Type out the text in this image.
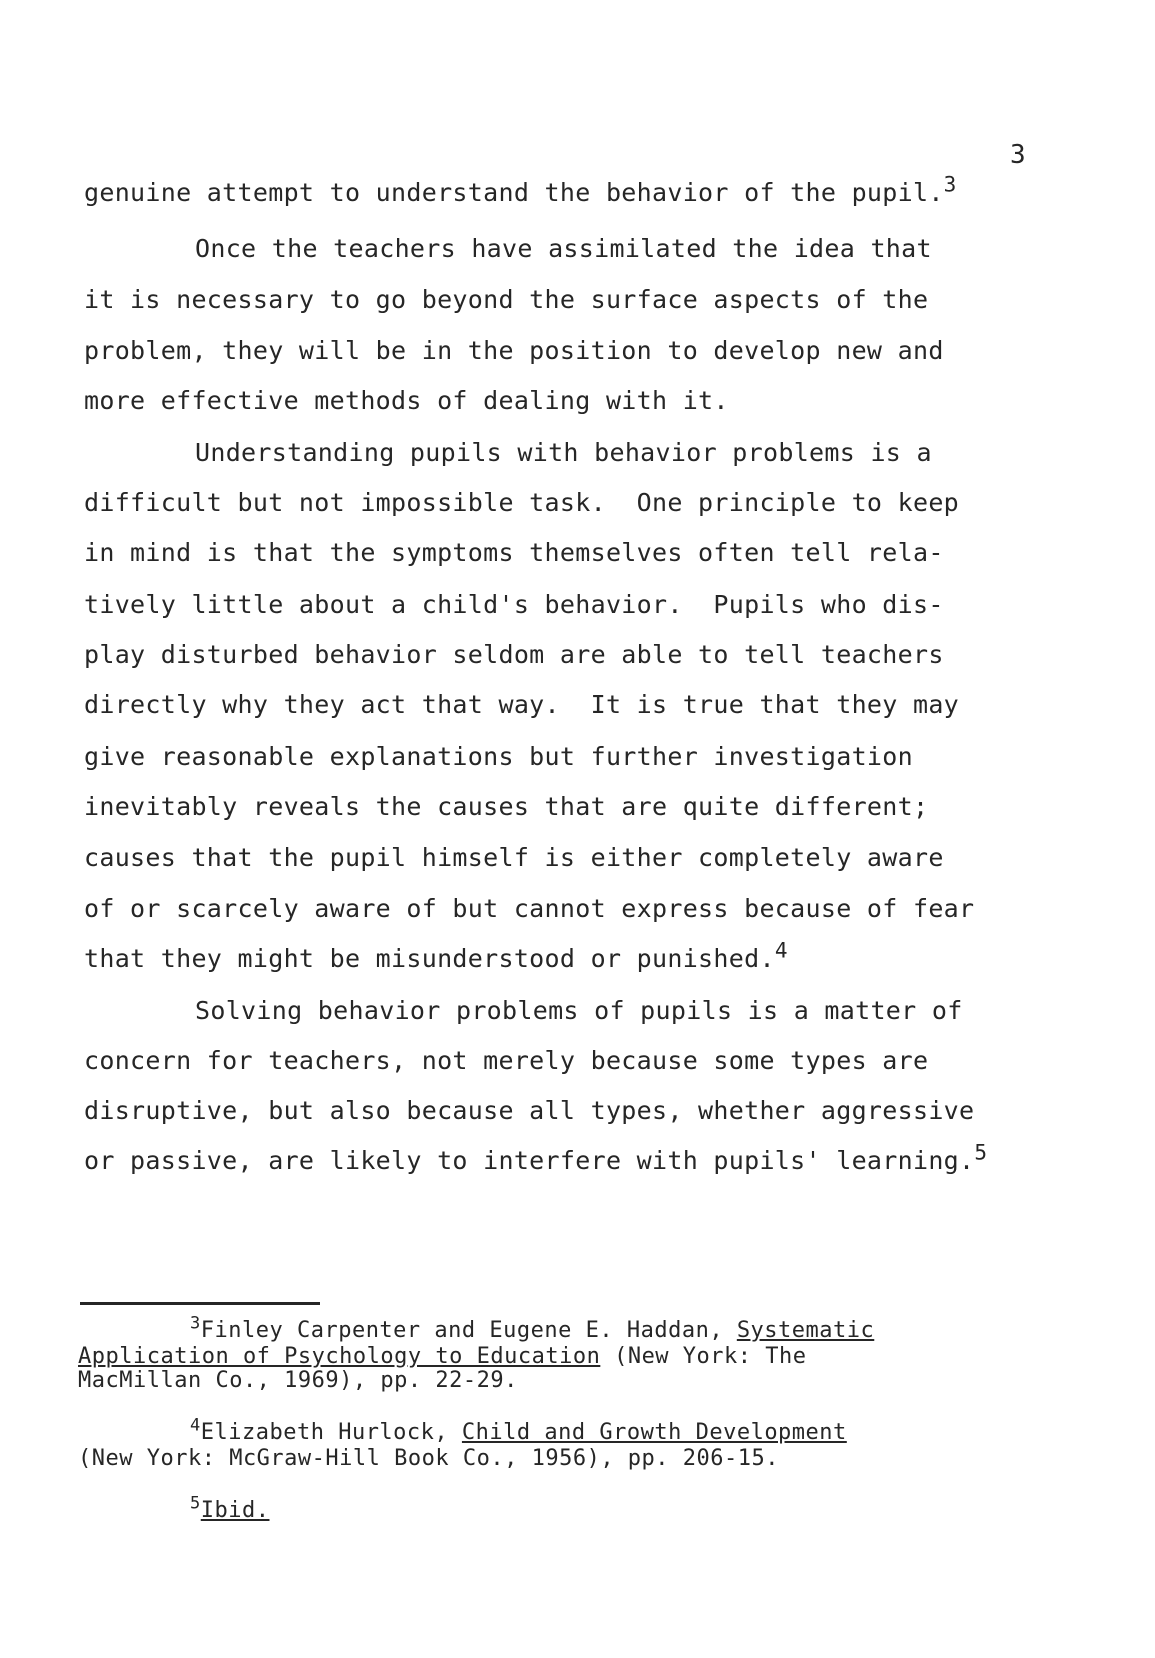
3
genuine attempt to understand the behavior of the pupil.$^3$
Once the teachers have assimilated the idea that
it is necessary to go beyond the surface aspects of the
problem, they will be in the position to develop new and
more effective methods of dealing with it.
Understanding pupils with behavior problems is a
difficult but not impossible task.  One principle to keep
in mind is that the symptoms themselves often tell rela-
tively little about a child's behavior.  Pupils who dis-
play disturbed behavior seldom are able to tell teachers
directly why they act that way.  It is true that they may
give reasonable explanations but further investigation
inevitably reveals the causes that are quite different;
causes that the pupil himself is either completely aware
of or scarcely aware of but cannot express because of fear
that they might be misunderstood or punished.$^4$
Solving behavior problems of pupils is a matter of
concern for teachers, not merely because some types are
disruptive, but also because all types, whether aggressive
or passive, are likely to interfere with pupils' learning.$^5$
$^3$Finley Carpenter and Eugene E. Haddan, Systematic
Application of Psychology to Education (New York: The
MacMillan Co., 1969), pp. 22-29.
$^4$Elizabeth Hurlock, Child and Growth Development
(New York: McGraw-Hill Book Co., 1956), pp. 206-15.
$^5$Ibid.
